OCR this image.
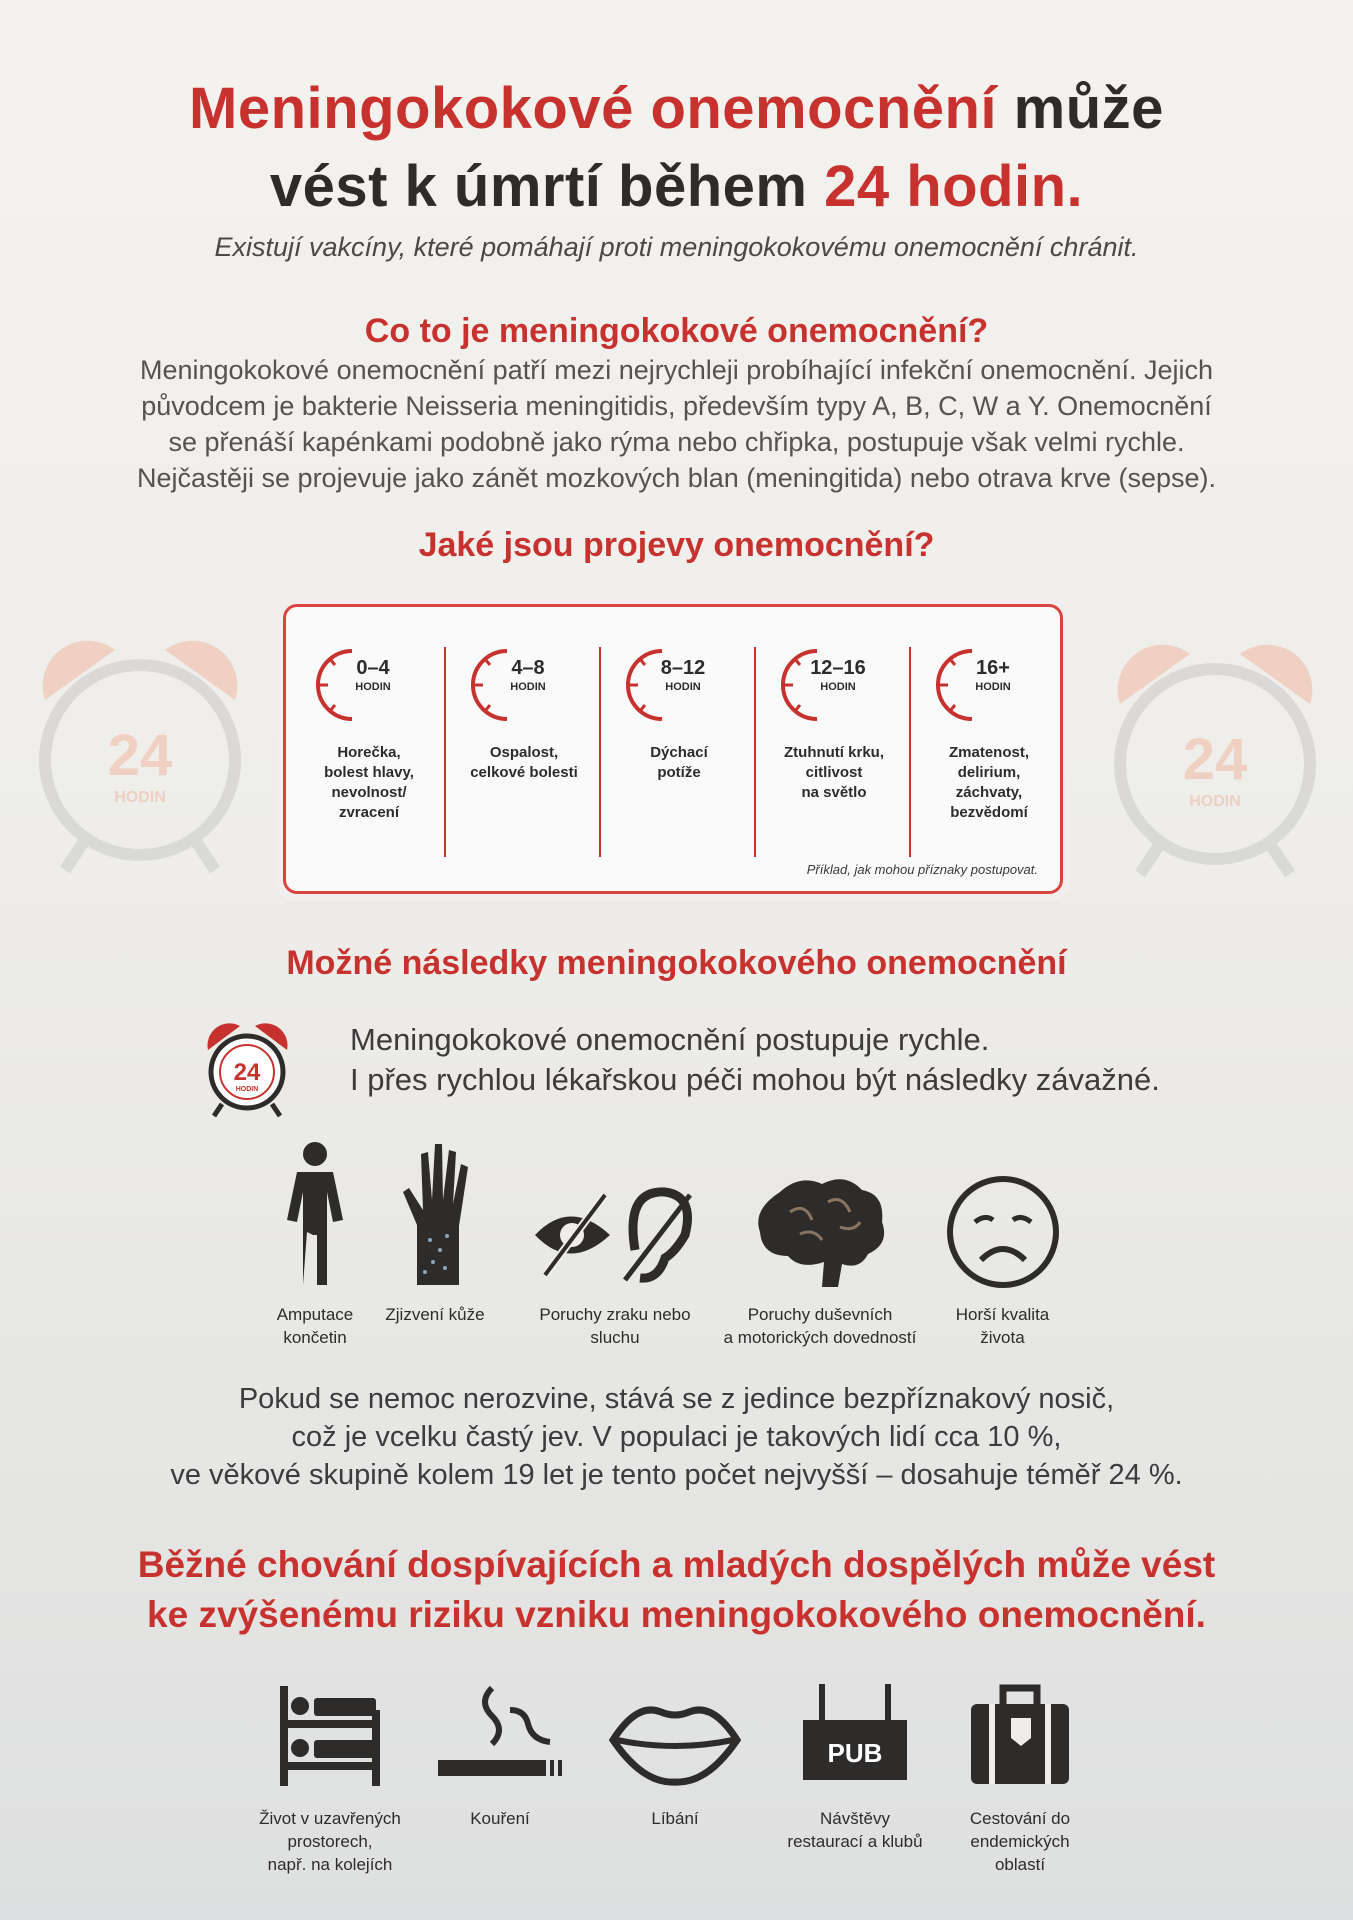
Meningokokové onemocnění může
vést k úmrtí během 24 hodin.
Existují vakcíny, které pomáhají proti meningokokovému onemocnění chránit.
Co to je meningokokové onemocnění?
Meningokokové onemocnění patří mezi nejrychleji probíhající infekční onemocnění. Jejich
původcem je bakterie Neisseria meningitidis, především typy A, B, C, W a Y. Onemocnění
se přenáší kapénkami podobně jako rýma nebo chřipka, postupuje však velmi rychle.
Nejčastěji se projevuje jako zánět mozkových blan (meningitida) nebo otrava krve (sepse).
Jaké jsou projevy onemocnění?
24
HODIN
24
HODIN
0–4
HODIN
Horečka,
bolest hlavy,
nevolnost/
zvracení
4–8
HODIN
Ospalost,
celkové bolesti
8–12
HODIN
Dýchací
potíže
12–16
HODIN
Ztuhnutí krku,
citlivost
na světlo
16+
HODIN
Zmatenost,
delirium,
záchvaty,
bezvědomí
Příklad, jak mohou příznaky postupovat.
Možné následky meningokokového onemocnění
24
HODIN
Meningokokové onemocnění postupuje rychle.
I přes rychlou lékařskou péči mohou být následky závažné.
Amputace
končetin
Zjizvení kůže	Poruchy zraku nebo
sluchu
Poruchy duševních
a motorických dovedností
Horší kvalita
života
Pokud se nemoc nerozvine, stává se z jedince bezpříznakový nosič,
což je vcelku častý jev. V populaci je takových lidí cca 10 %,
ve věkové skupině kolem 19 let je tento počet nejvyšší – dosahuje téměř 24 %.
Běžné chování dospívajících a mladých dospělých může vést
ke zvýšenému riziku vzniku meningokokového onemocnění.
Život v uzavřených
prostorech,
např. na kolejích
Kouření	Líbání
PUB
Návštěvy
restaurací a klubů
Cestování do
endemických
oblastí
